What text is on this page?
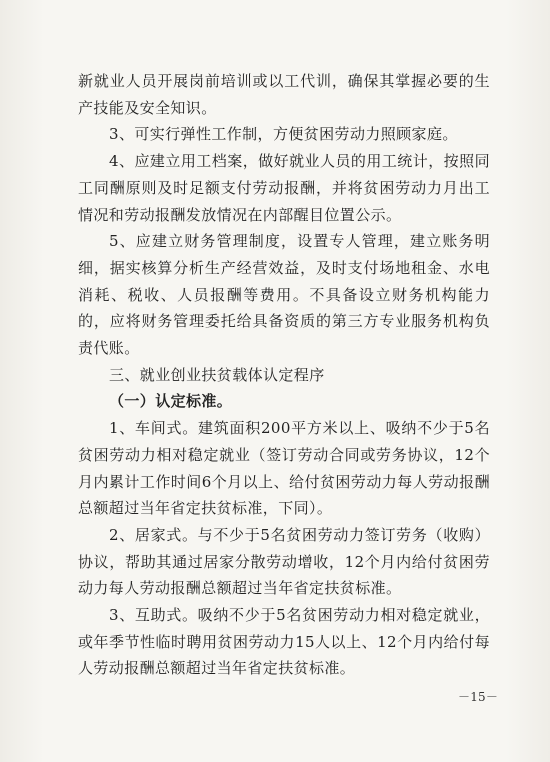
新就业人员开展岗前培训或以工代训，确保其掌握必要的生产技能及安全知识。

3、可实行弹性工作制，方便贫困劳动力照顾家庭。

4、应建立用工档案，做好就业人员的用工统计，按照同工同酬原则及时足额支付劳动报酬，并将贫困劳动力月出工情况和劳动报酬发放情况在内部醒目位置公示。

5、应建立财务管理制度，设置专人管理，建立账务明细，据实核算分析生产经营效益，及时支付场地租金、水电消耗、税收、人员报酬等费用。不具备设立财务机构能力的，应将财务管理委托给具备资质的第三方专业服务机构负责代账。

三、就业创业扶贫载体认定程序

（一）认定标准。

1、车间式。建筑面积200平方米以上、吸纳不少于5名贫困劳动力相对稳定就业（签订劳动合同或劳务协议，12个月内累计工作时间6个月以上、给付贫困劳动力每人劳动报酬总额超过当年省定扶贫标准，下同）。

2、居家式。与不少于5名贫困劳动力签订劳务（收购）协议，帮助其通过居家分散劳动增收，12个月内给付贫困劳动力每人劳动报酬总额超过当年省定扶贫标准。

3、互助式。吸纳不少于5名贫困劳动力相对稳定就业，或年季节性临时聘用贫困劳动力15人以上、12个月内给付每人劳动报酬总额超过当年省定扶贫标准。

－15－
